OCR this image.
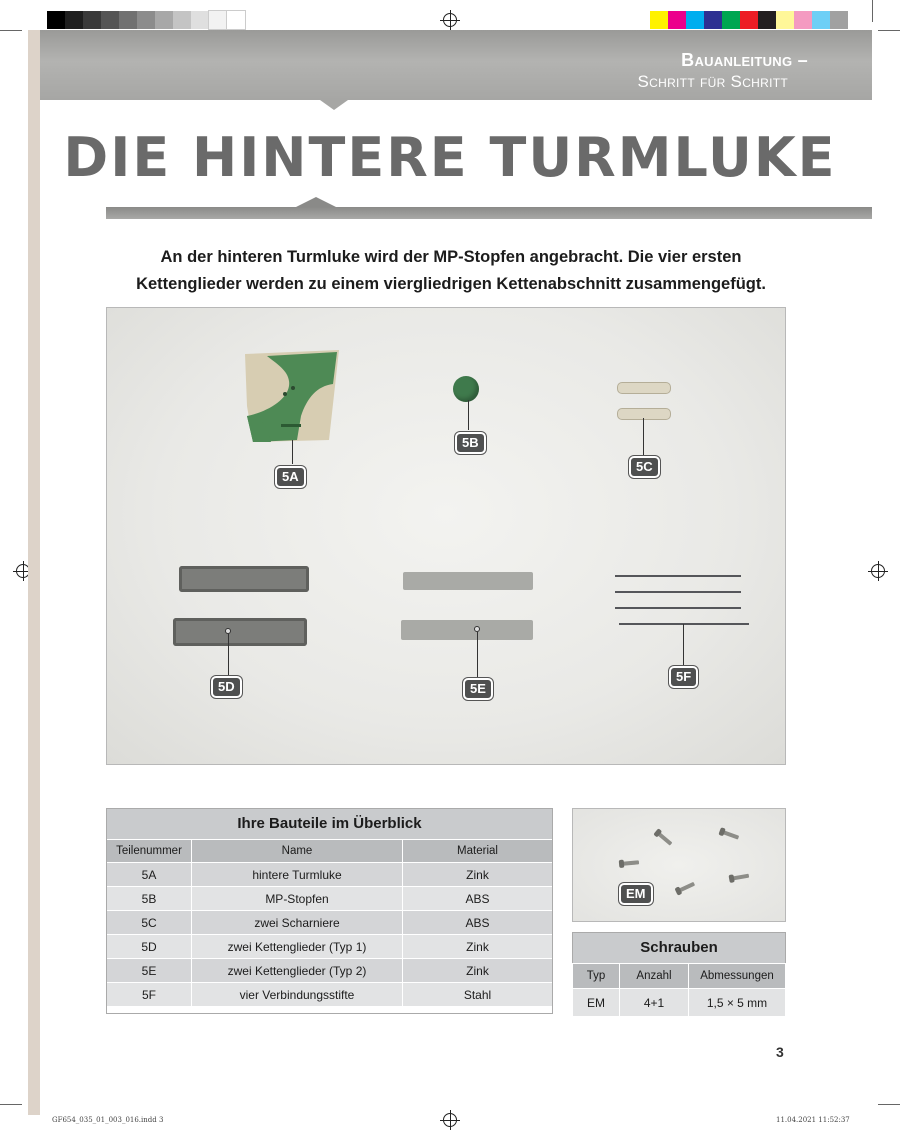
Bauanleitung –
Schritt für Schritt
DIE HINTERE TURMLUKE
An der hinteren Turmluke wird der MP-Stopfen angebracht. Die vier ersten Kettenglieder werden zu einem viergliedrigen Kettenabschnitt zusammengefügt.
5A
5B
5C
5D	5E
5F
Ihre Bauteile im Überblick
Teilenummer	Name	Material
5A	hintere Turmluke	Zink
5B	MP-Stopfen	ABS
5C	zwei Scharniere	ABS
5D	zwei Kettenglieder (Typ 1)	Zink
5E	zwei Kettenglieder (Typ 2)	Zink
5F	vier Verbindungsstifte	Stahl
EM
Schrauben
Typ	Anzahl	Abmessungen
EM	4+1	1,5 × 5 mm
3
GF654_035_01_003_016.indd 3	11.04.2021 11:52:37
